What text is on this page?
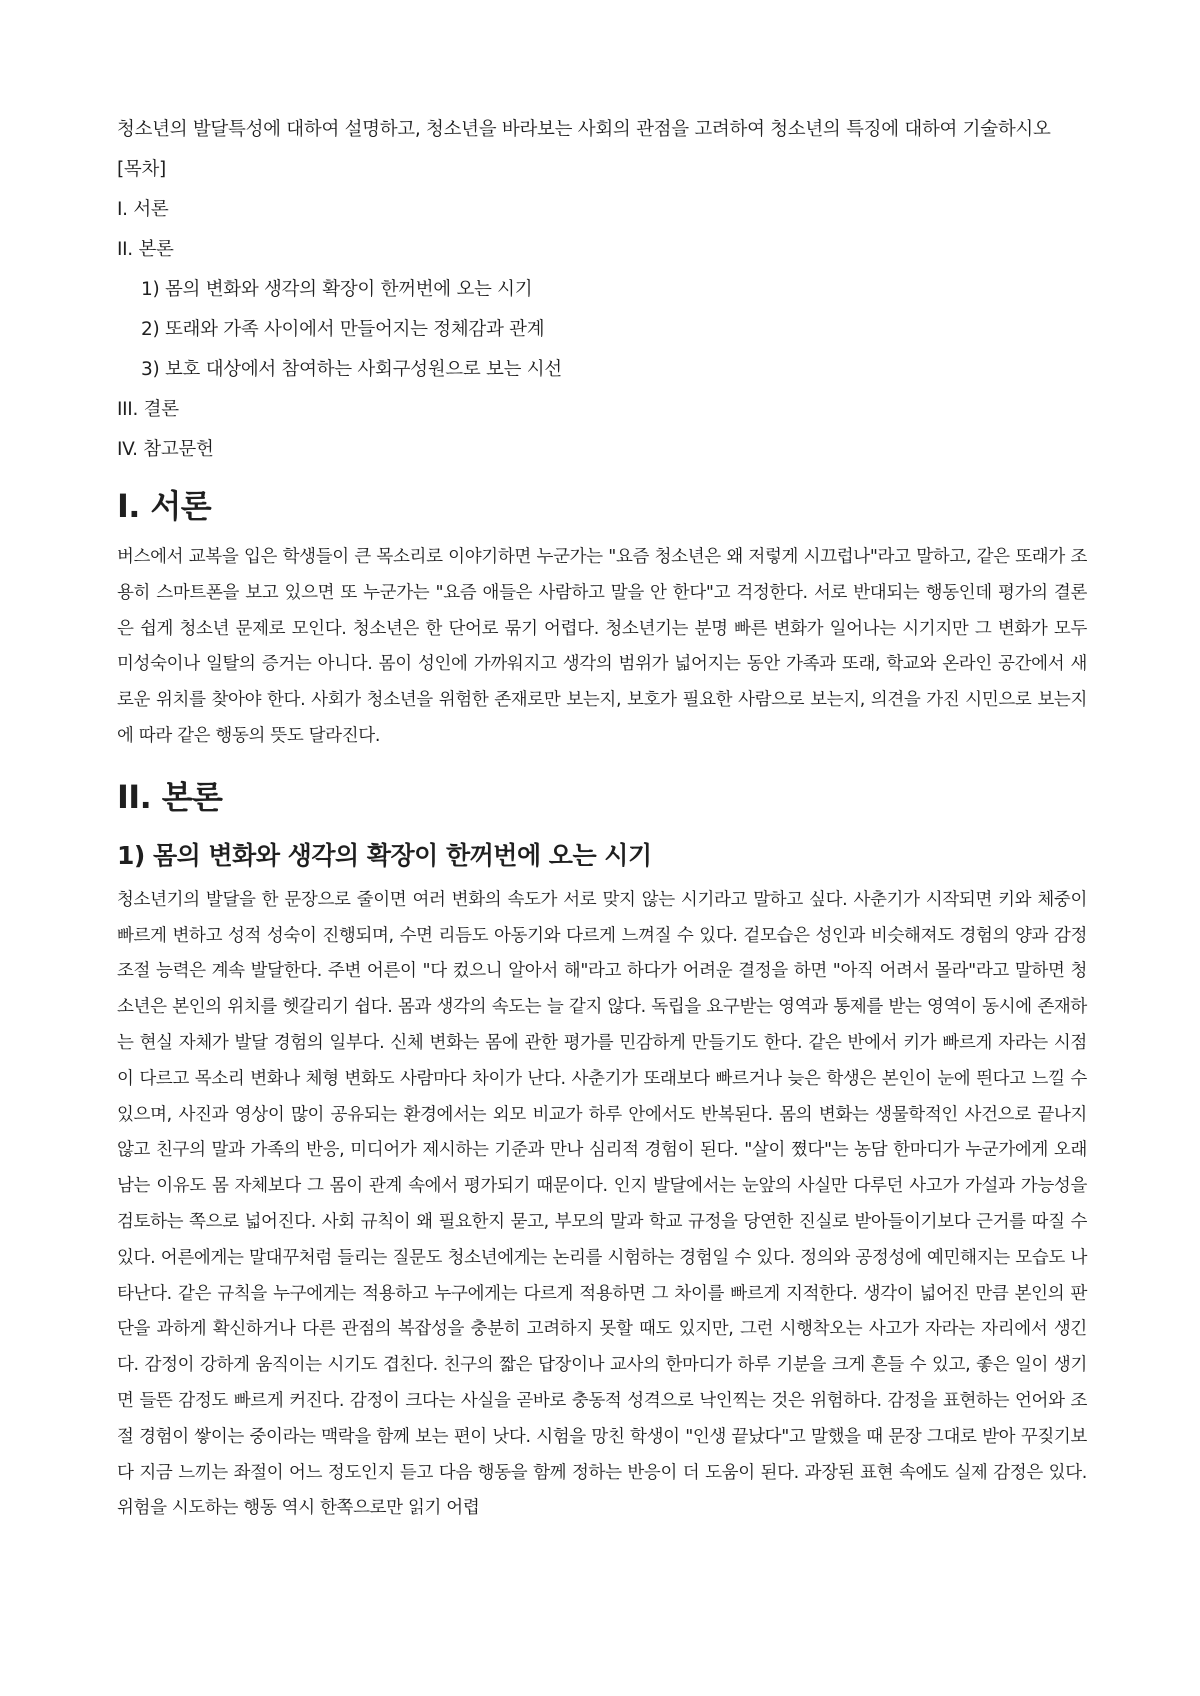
청소년의 발달특성에 대하여 설명하고, 청소년을 바라보는 사회의 관점을 고려하여 청소년의 특징에 대하여 기술하시오

[목차]
I. 서론
II. 본론
1) 몸의 변화와 생각의 확장이 한꺼번에 오는 시기
2) 또래와 가족 사이에서 만들어지는 정체감과 관계
3) 보호 대상에서 참여하는 사회구성원으로 보는 시선
III. 결론
IV. 참고문헌
I. 서론

버스에서 교복을 입은 학생들이 큰 목소리로 이야기하면 누군가는 "요즘 청소년은 왜 저렇게 시끄럽나"라고 말하고, 같은 또래가 조용히 스마트폰을 보고 있으면 또 누군가는 "요즘 애들은 사람하고 말을 안 한다"고 걱정한다. 서로 반대되는 행동인데 평가의 결론은 쉽게 청소년 문제로 모인다. 청소년은 한 단어로 묶기 어렵다. 청소년기는 분명 빠른 변화가 일어나는 시기지만 그 변화가 모두 미성숙이나 일탈의 증거는 아니다. 몸이 성인에 가까워지고 생각의 범위가 넓어지는 동안 가족과 또래, 학교와 온라인 공간에서 새로운 위치를 찾아야 한다. 사회가 청소년을 위험한 존재로만 보는지, 보호가 필요한 사람으로 보는지, 의견을 가진 시민으로 보는지에 따라 같은 행동의 뜻도 달라진다.

II. 본론
1) 몸의 변화와 생각의 확장이 한꺼번에 오는 시기

청소년기의 발달을 한 문장으로 줄이면 여러 변화의 속도가 서로 맞지 않는 시기라고 말하고 싶다. 사춘기가 시작되면 키와 체중이 빠르게 변하고 성적 성숙이 진행되며, 수면 리듬도 아동기와 다르게 느껴질 수 있다. 겉모습은 성인과 비슷해져도 경험의 양과 감정 조절 능력은 계속 발달한다. 주변 어른이 "다 컸으니 알아서 해"라고 하다가 어려운 결정을 하면 "아직 어려서 몰라"라고 말하면 청소년은 본인의 위치를 헷갈리기 쉽다. 몸과 생각의 속도는 늘 같지 않다. 독립을 요구받는 영역과 통제를 받는 영역이 동시에 존재하는 현실 자체가 발달 경험의 일부다. 신체 변화는 몸에 관한 평가를 민감하게 만들기도 한다. 같은 반에서 키가 빠르게 자라는 시점이 다르고 목소리 변화나 체형 변화도 사람마다 차이가 난다. 사춘기가 또래보다 빠르거나 늦은 학생은 본인이 눈에 띈다고 느낄 수 있으며, 사진과 영상이 많이 공유되는 환경에서는 외모 비교가 하루 안에서도 반복된다. 몸의 변화는 생물학적인 사건으로 끝나지 않고 친구의 말과 가족의 반응, 미디어가 제시하는 기준과 만나 심리적 경험이 된다. "살이 쪘다"는 농담 한마디가 누군가에게 오래 남는 이유도 몸 자체보다 그 몸이 관계 속에서 평가되기 때문이다. 인지 발달에서는 눈앞의 사실만 다루던 사고가 가설과 가능성을 검토하는 쪽으로 넓어진다. 사회 규칙이 왜 필요한지 묻고, 부모의 말과 학교 규정을 당연한 진실로 받아들이기보다 근거를 따질 수 있다. 어른에게는 말대꾸처럼 들리는 질문도 청소년에게는 논리를 시험하는 경험일 수 있다. 정의와 공정성에 예민해지는 모습도 나타난다. 같은 규칙을 누구에게는 적용하고 누구에게는 다르게 적용하면 그 차이를 빠르게 지적한다. 생각이 넓어진 만큼 본인의 판단을 과하게 확신하거나 다른 관점의 복잡성을 충분히 고려하지 못할 때도 있지만, 그런 시행착오는 사고가 자라는 자리에서 생긴다. 감정이 강하게 움직이는 시기도 겹친다. 친구의 짧은 답장이나 교사의 한마디가 하루 기분을 크게 흔들 수 있고, 좋은 일이 생기면 들뜬 감정도 빠르게 커진다. 감정이 크다는 사실을 곧바로 충동적 성격으로 낙인찍는 것은 위험하다. 감정을 표현하는 언어와 조절 경험이 쌓이는 중이라는 맥락을 함께 보는 편이 낫다. 시험을 망친 학생이 "인생 끝났다"고 말했을 때 문장 그대로 받아 꾸짖기보다 지금 느끼는 좌절이 어느 정도인지 듣고 다음 행동을 함께 정하는 반응이 더 도움이 된다. 과장된 표현 속에도 실제 감정은 있다. 위험을 시도하는 행동 역시 한쪽으로만 읽기 어렵
